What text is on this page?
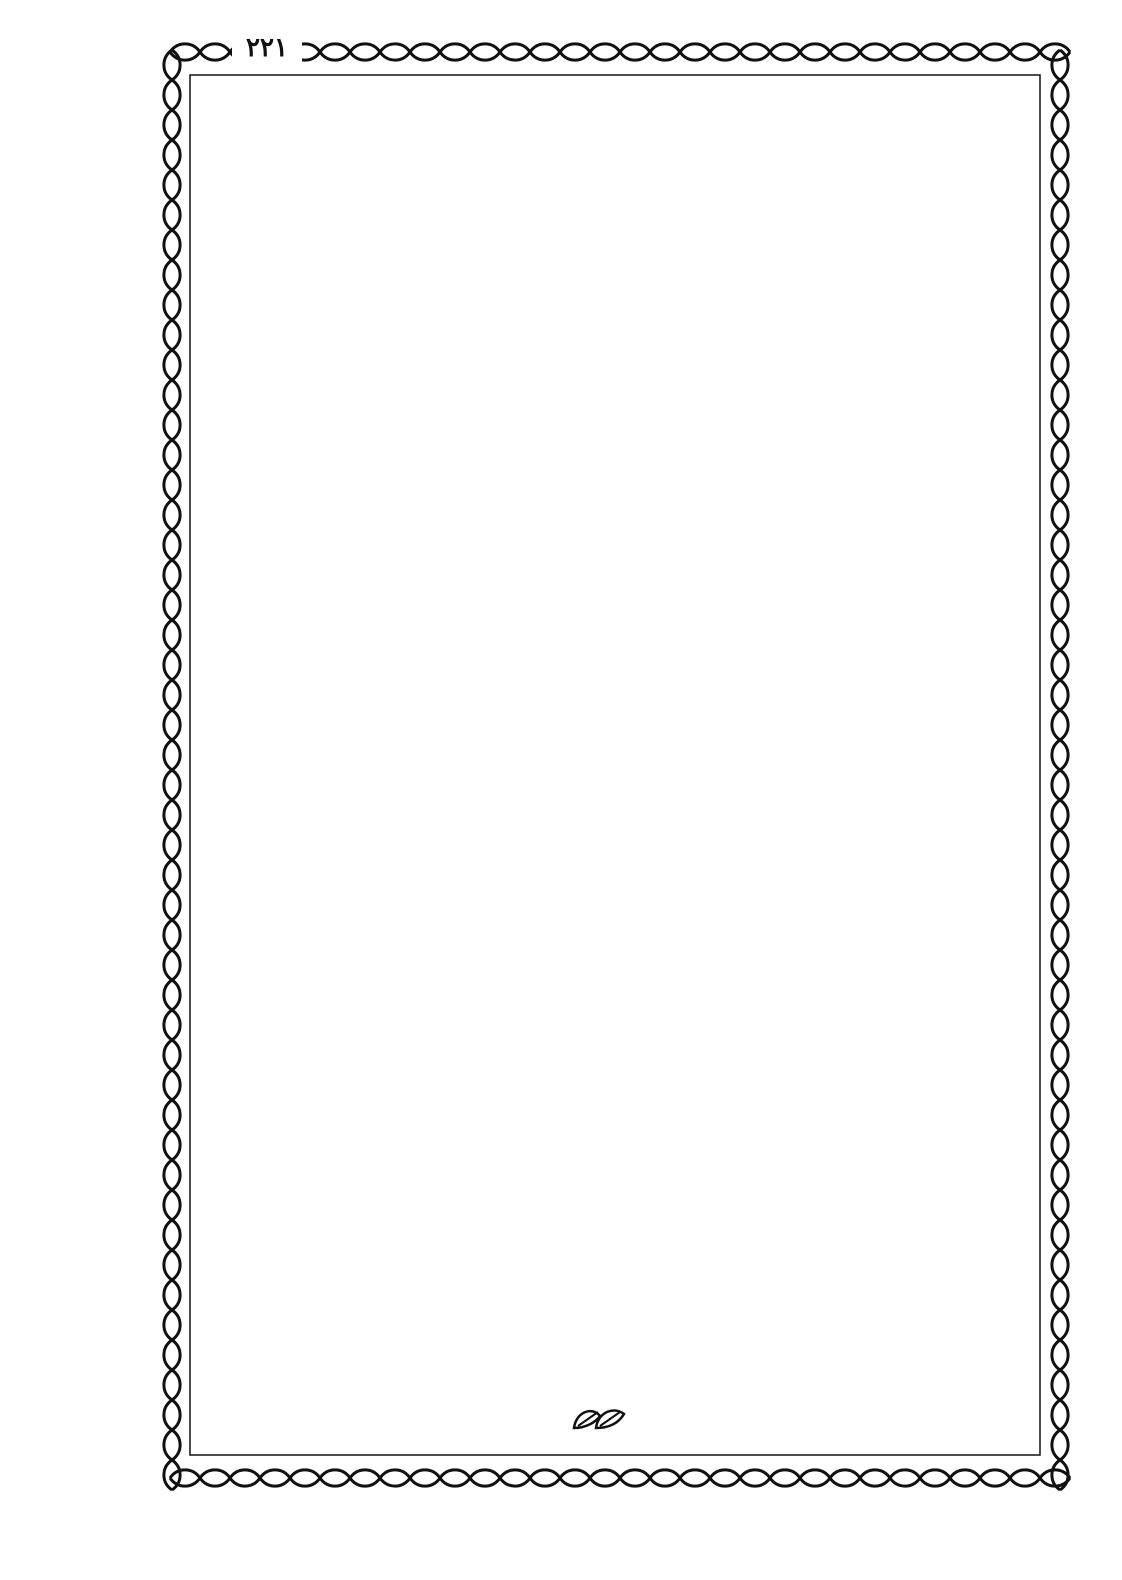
٢٢١
